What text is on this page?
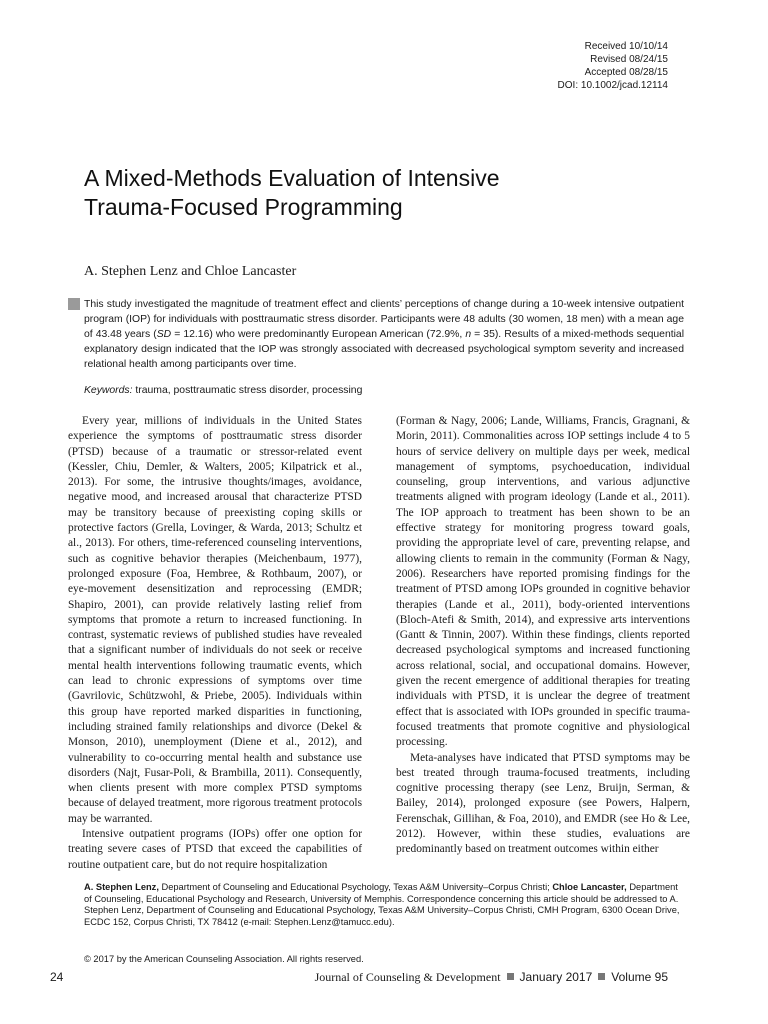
Received 10/10/14
Revised 08/24/15
Accepted 08/28/15
DOI: 10.1002/jcad.12114
A Mixed-Methods Evaluation of Intensive Trauma-Focused Programming
A. Stephen Lenz and Chloe Lancaster

This study investigated the magnitude of treatment effect and clients’ perceptions of change during a 10-week intensive outpatient program (IOP) for individuals with posttraumatic stress disorder. Participants were 48 adults (30 women, 18 men) with a mean age of 43.48 years (SD = 12.16) who were predominantly European American (72.9%, n = 35). Results of a mixed-methods sequential explanatory design indicated that the IOP was strongly associated with decreased psychological symptom severity and increased relational health among participants over time.

Keywords: trauma, posttraumatic stress disorder, processing

Every year, millions of individuals in the United States experience the symptoms of posttraumatic stress disorder (PTSD) because of a traumatic or stressor-related event (Kessler, Chiu, Demler, & Walters, 2005; Kilpatrick et al., 2013). For some, the intrusive thoughts/images, avoidance, negative mood, and increased arousal that characterize PTSD may be transitory because of preexisting coping skills or protective factors (Grella, Lovinger, & Warda, 2013; Schultz et al., 2013). For others, time-referenced counseling interventions, such as cognitive behavior therapies (Meichenbaum, 1977), prolonged exposure (Foa, Hembree, & Rothbaum, 2007), or eye-movement desensitization and reprocessing (EMDR; Shapiro, 2001), can provide relatively lasting relief from symptoms that promote a return to increased functioning. In contrast, systematic reviews of published studies have revealed that a significant number of individuals do not seek or receive mental health interventions following traumatic events, which can lead to chronic expressions of symptoms over time (Gavrilovic, Schützwohl, & Priebe, 2005). Individuals within this group have reported marked disparities in functioning, including strained family relationships and divorce (Dekel & Monson, 2010), unemployment (Diene et al., 2012), and vulnerability to co-occurring mental health and substance use disorders (Najt, Fusar-Poli, & Brambilla, 2011). Consequently, when clients present with more complex PTSD symptoms because of delayed treatment, more rigorous treatment protocols may be warranted.

Intensive outpatient programs (IOPs) offer one option for treating severe cases of PTSD that exceed the capabilities of routine outpatient care, but do not require hospitalization

(Forman & Nagy, 2006; Lande, Williams, Francis, Gragnani, & Morin, 2011). Commonalities across IOP settings include 4 to 5 hours of service delivery on multiple days per week, medical management of symptoms, psychoeducation, individual counseling, group interventions, and various adjunctive treatments aligned with program ideology (Lande et al., 2011). The IOP approach to treatment has been shown to be an effective strategy for monitoring progress toward goals, providing the appropriate level of care, preventing relapse, and allowing clients to remain in the community (Forman & Nagy, 2006). Researchers have reported promising findings for the treatment of PTSD among IOPs grounded in cognitive behavior therapies (Lande et al., 2011), body-oriented interventions (Bloch-Atefi & Smith, 2014), and expressive arts interventions (Gantt & Tinnin, 2007). Within these findings, clients reported decreased psychological symptoms and increased functioning across relational, social, and occupational domains. However, given the recent emergence of additional therapies for treating individuals with PTSD, it is unclear the degree of treatment effect that is associated with IOPs grounded in specific trauma-focused treatments that promote cognitive and physiological processing.

Meta-analyses have indicated that PTSD symptoms may be best treated through trauma-focused treatments, including cognitive processing therapy (see Lenz, Bruijn, Serman, & Bailey, 2014), prolonged exposure (see Powers, Halpern, Ferenschak, Gillihan, & Foa, 2010), and EMDR (see Ho & Lee, 2012). However, within these studies, evaluations are predominantly based on treatment outcomes within either

A. Stephen Lenz, Department of Counseling and Educational Psychology, Texas A&M University–Corpus Christi; Chloe Lancaster, Department of Counseling, Educational Psychology and Research, University of Memphis. Correspondence concerning this article should be addressed to A. Stephen Lenz, Department of Counseling and Educational Psychology, Texas A&M University–Corpus Christi, CMH Program, 6300 Ocean Drive, ECDC 152, Corpus Christi, TX 78412 (e-mail: Stephen.Lenz@tamucc.edu).

© 2017 by the American Counseling Association. All rights reserved.
24	Journal of Counseling & Development January 2017 Volume 95
